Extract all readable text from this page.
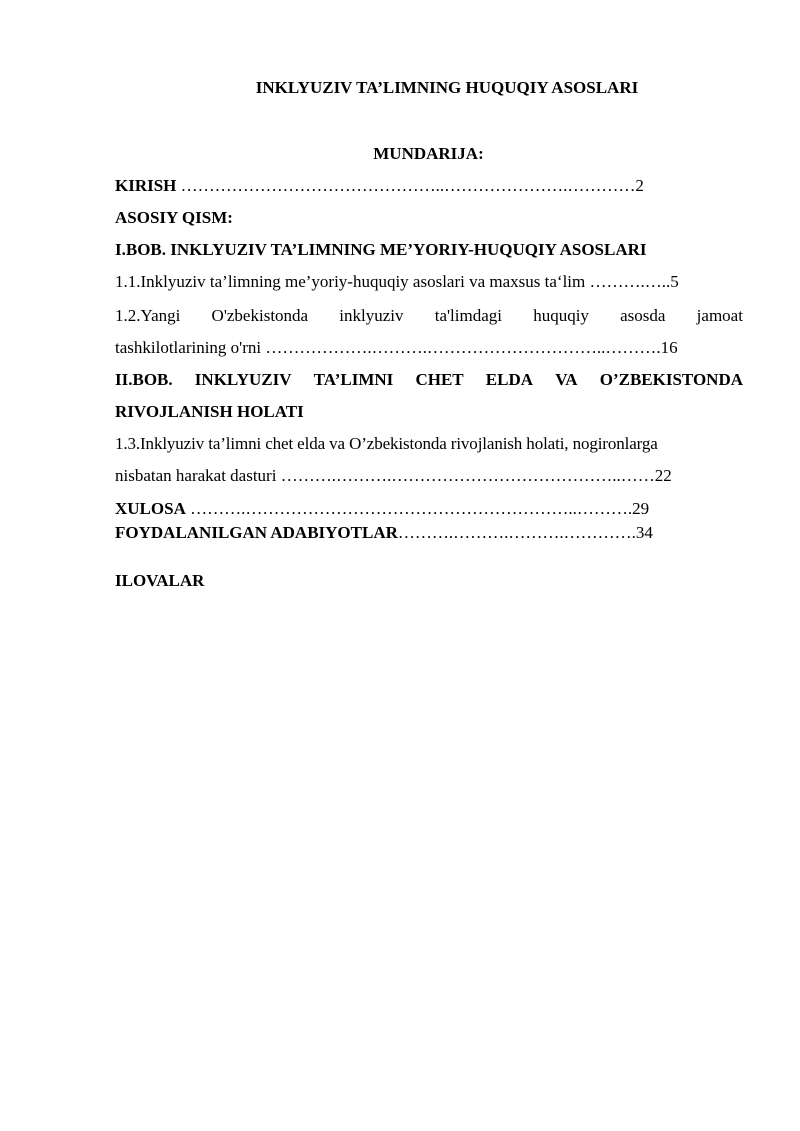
INKLYUZIV TA’LIMNING HUQUQIY ASOSLARI
MUNDARIJA:
KIRISH ………………………………………..………………….…………2
ASOSIY QISM:
I.BOB. INKLYUZIV TA’LIMNING ME’YORIY-HUQUQIY ASOSLARI
1.1.Inklyuziv ta’limning me’yoriy-huquqiy asoslari va maxsus ta‘lim ……….…..5
1.2.Yangi O'zbekistonda inklyuziv ta'limdagi huquqiy asosda jamoat
tashkilotlarining o'rni ……………….……….…………………………..……….16
II.BOB. INKLYUZIV TA’LIMNI CHET ELDA VA O’ZBEKISTONDA
RIVOJLANISH HOLATI
1.3.Inklyuziv ta’limni chet elda va O’zbekistonda rivojlanish holati, nogironlarga
nisbatan harakat dasturi ……….……….…………………………………..……22
XULOSA ……….…………………………………………………..……….29
FOYDALANILGAN ADABIYOTLAR……….……….……….………….34
ILOVALAR
